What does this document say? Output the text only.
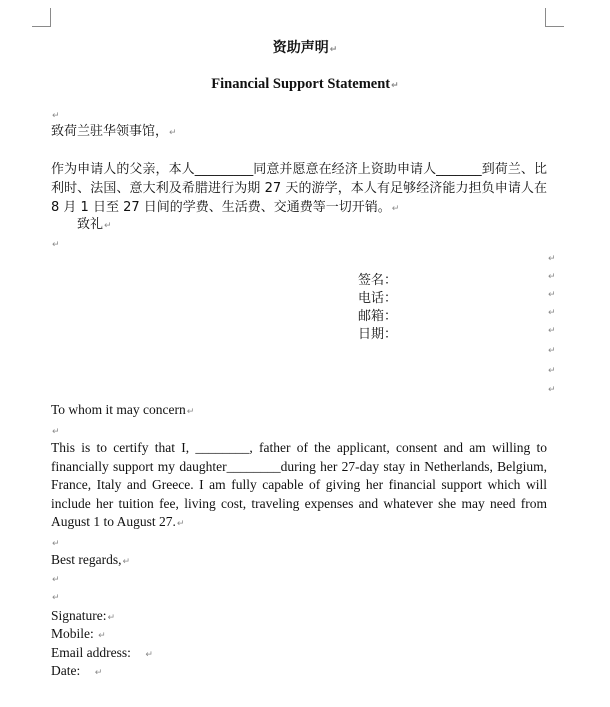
资助声明↵
Financial Support Statement↵
↵
致荷兰驻华领事馆，↵
作为申请人的父亲，本人_________同意并愿意在经济上资助申请人_______到荷兰、比利时、法国、意大利及希腊进行为期 27 天的游学，本人有足够经济能力担负申请人在 8 月 1 日至 27 日间的学费、生活费、交通费等一切开销。↵
致礼↵
↵
↵
签名：	↵
电话：	↵
邮箱：	↵
日期：	↵
↵
↵
↵
To whom it may concern↵
↵
This is to certify that I, ________, father of the applicant, consent and am willing to financially support my daughter________during her 27-day stay in Netherlands, Belgium, France, Italy and Greece. I am fully capable of giving her financial support which will include her tuition fee, living cost, traveling expenses and whatever she may need from August 1 to August 27.↵
↵
Best regards,↵
↵
↵
Signature:↵
Mobile: ↵
Email address: ↵
Date: ↵
